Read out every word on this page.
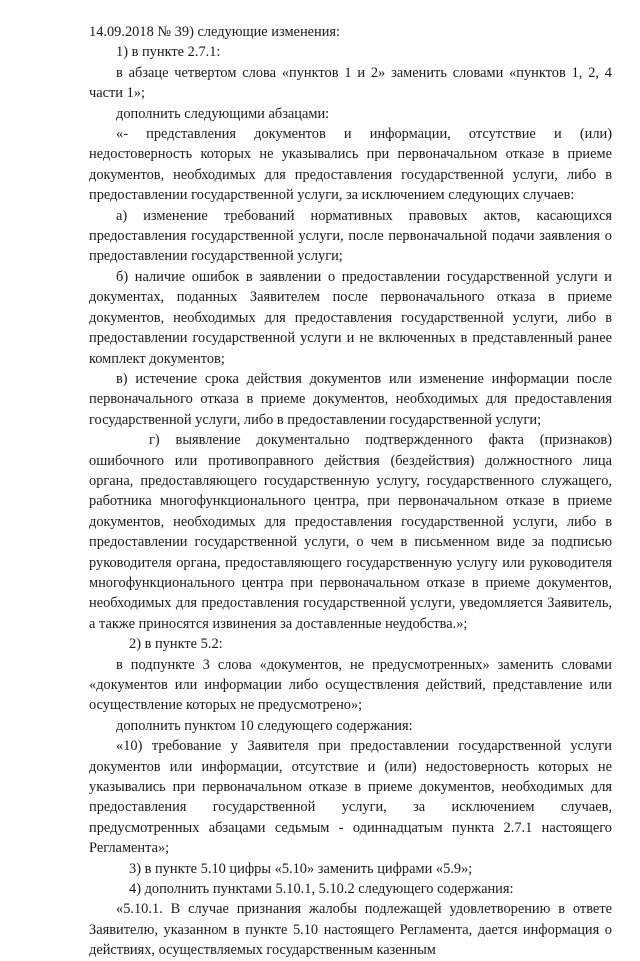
14.09.2018 № 39) следующие изменения:

1) в пункте 2.7.1:

в абзаце четвертом слова «пунктов 1 и 2» заменить словами «пунктов 1, 2, 4 части 1»;

дополнить следующими абзацами:

«- представления документов и информации, отсутствие и (или) недостоверность которых не указывались при первоначальном отказе в приеме документов, необходимых для предоставления государственной услуги, либо в предоставлении государственной услуги, за исключением следующих случаев:

а) изменение требований нормативных правовых актов, касающихся предоставления государственной услуги, после первоначальной подачи заявления о предоставлении государственной услуги;

б) наличие ошибок в заявлении о предоставлении государственной услуги и документах, поданных Заявителем после первоначального отказа в приеме документов, необходимых для предоставления государственной услуги, либо в предоставлении государственной услуги и не включенных в представленный ранее комплект документов;

в) истечение срока действия документов или изменение информации после первоначального отказа в приеме документов, необходимых для предоставления государственной услуги, либо в предоставлении государственной услуги;

г) выявление документально подтвержденного факта (признаков) ошибочного или противоправного действия (бездействия) должностного лица органа, предоставляющего государственную услугу, государственного служащего, работника многофункционального центра, при первоначальном отказе в приеме документов, необходимых для предоставления государственной услуги, либо в предоставлении государственной услуги, о чем в письменном виде за подписью руководителя органа, предоставляющего государственную услугу или руководителя многофункционального центра при первоначальном отказе в приеме документов, необходимых для предоставления государственной услуги, уведомляется Заявитель, а также приносятся извинения за доставленные неудобства.»;

2) в пункте 5.2:

в подпункте 3 слова «документов, не предусмотренных» заменить словами «документов или информации либо осуществления действий, представление или осуществление которых не предусмотрено»;

дополнить пунктом 10 следующего содержания:

«10) требование у Заявителя при предоставлении государственной услуги документов или информации, отсутствие и (или) недостоверность которых не указывались при первоначальном отказе в приеме документов, необходимых для предоставления государственной услуги, за исключением случаев, предусмотренных абзацами седьмым - одиннадцатым пункта 2.7.1 настоящего Регламента»;

3) в пункте 5.10 цифры «5.10» заменить цифрами «5.9»;

4) дополнить пунктами 5.10.1, 5.10.2 следующего содержания:

«5.10.1. В случае признания жалобы подлежащей удовлетворению в ответе Заявителю, указанном в пункте 5.10 настоящего Регламента, дается информация о действиях, осуществляемых государственным казенным
